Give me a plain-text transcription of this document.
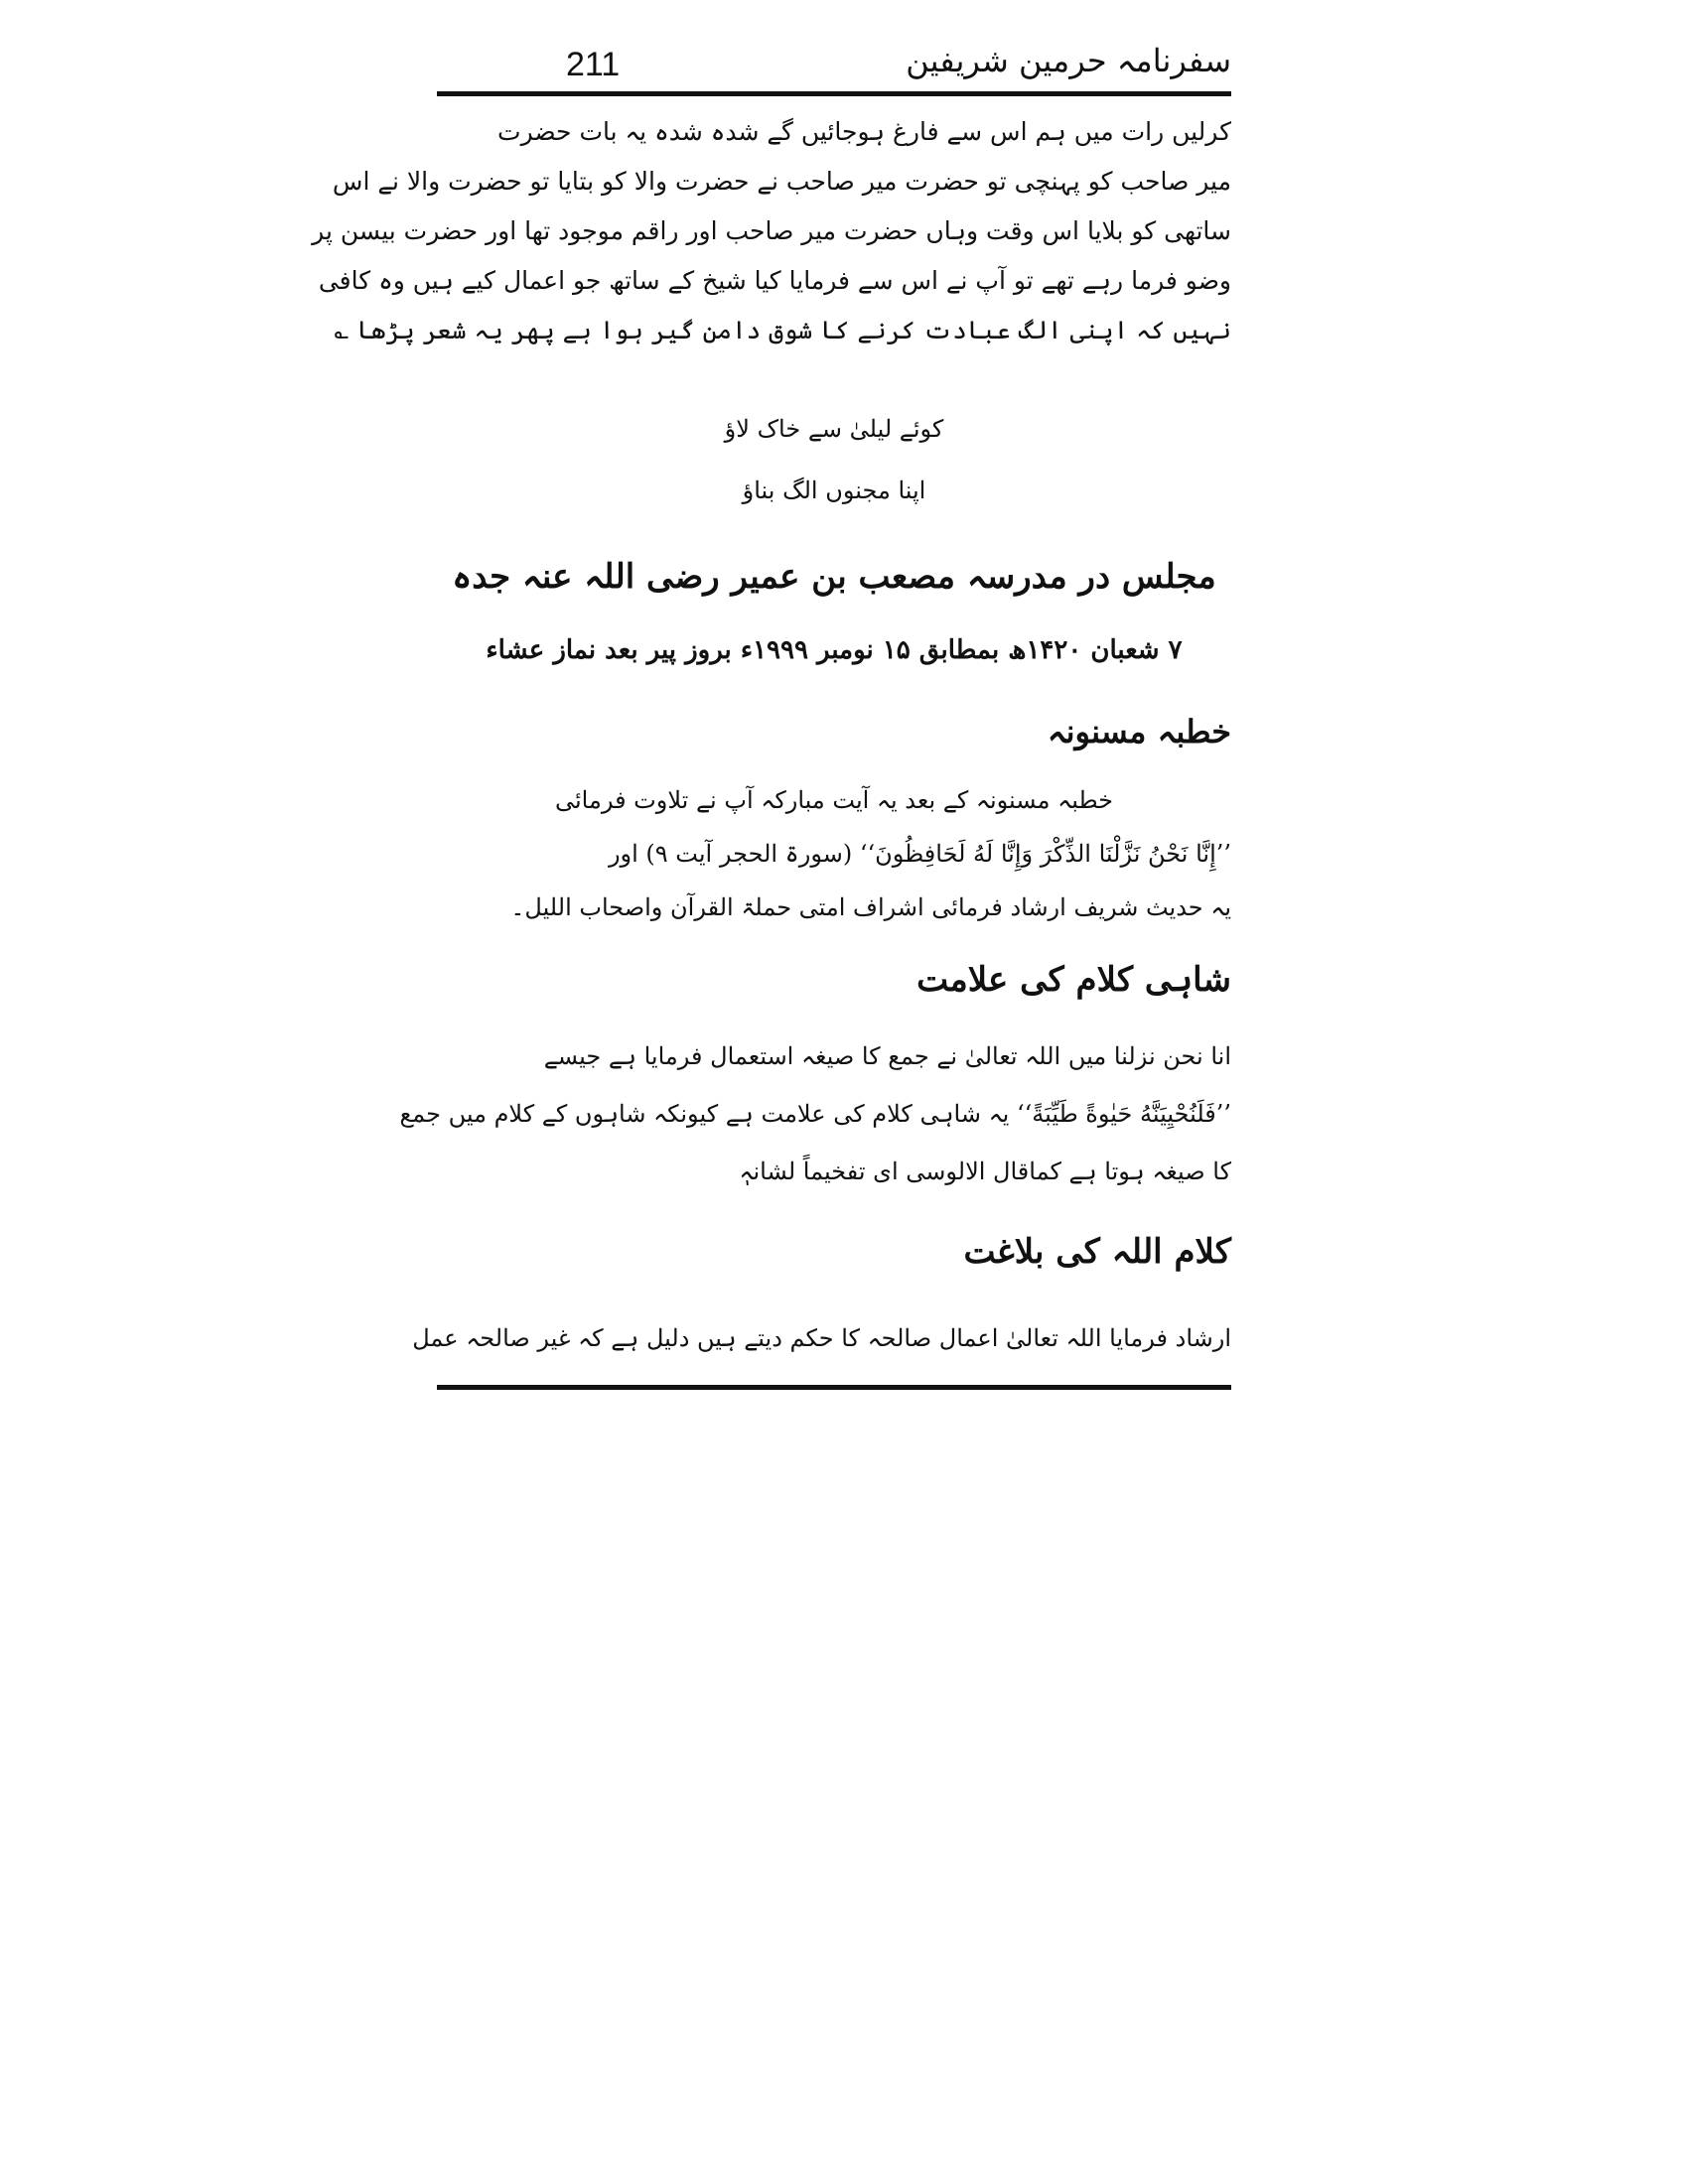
211	سفرنامہ حرمین شریفین
کرلیں رات میں ہم اس سے فارغ ہوجائیں گے شدہ شدہ یہ بات حضرت
میر صاحب کو پہنچی تو حضرت میر صاحب نے حضرت والا کو بتایا تو حضرت والا نے اس
ساتھی کو بلایا اس وقت وہاں حضرت میر صاحب اور راقم موجود تھا اور حضرت بیسن پر
وضو فرما رہے تھے تو آپ نے اس سے فرمایا کیا شیخ کے ساتھ جو اعمال کیے ہیں وہ کافی
نہیں کہ اپنی الگ عبادت کرنے کا شوق دامن گیر ہوا ہے پھر یہ شعر پڑھا ؎
کوئے لیلیٰ سے خاک لاؤ
اپنا مجنوں الگ بناؤ
مجلس در مدرسہ مصعب بن عمیر رضی اللہ عنہ جدہ
۷ شعبان ۱۴۲۰ھ بمطابق ۱۵ نومبر ۱۹۹۹ء بروز پیر بعد نماز عشاء
خطبہ مسنونہ
خطبہ مسنونہ کے بعد یہ آیت مبارکہ آپ نے تلاوت فرمائی
’’إِنَّا نَحْنُ نَزَّلْنَا الذِّكْرَ وَإِنَّا لَهُ لَحَافِظُونَ‘‘ (سورۃ الحجر آیت ۹) اور
یہ حدیث شریف ارشاد فرمائی اشراف امتی حملۃ القرآن واصحاب اللیل۔
شاہی کلام کی علامت
انا نحن نزلنا میں اللہ تعالیٰ نے جمع کا صیغہ استعمال فرمایا ہے جیسے
’’فَلَنُحْيِيَنَّهُ حَيٰوةً طَيِّبَةً‘‘ یہ شاہی کلام کی علامت ہے کیونکہ شاہوں کے کلام میں جمع
کا صیغہ ہوتا ہے کماقال الالوسی ای تفخیماً لشانہٖ
کلام اللہ کی بلاغت
ارشاد فرمایا اللہ تعالیٰ اعمال صالحہ کا حکم دیتے ہیں دلیل ہے کہ غیر صالحہ عمل
